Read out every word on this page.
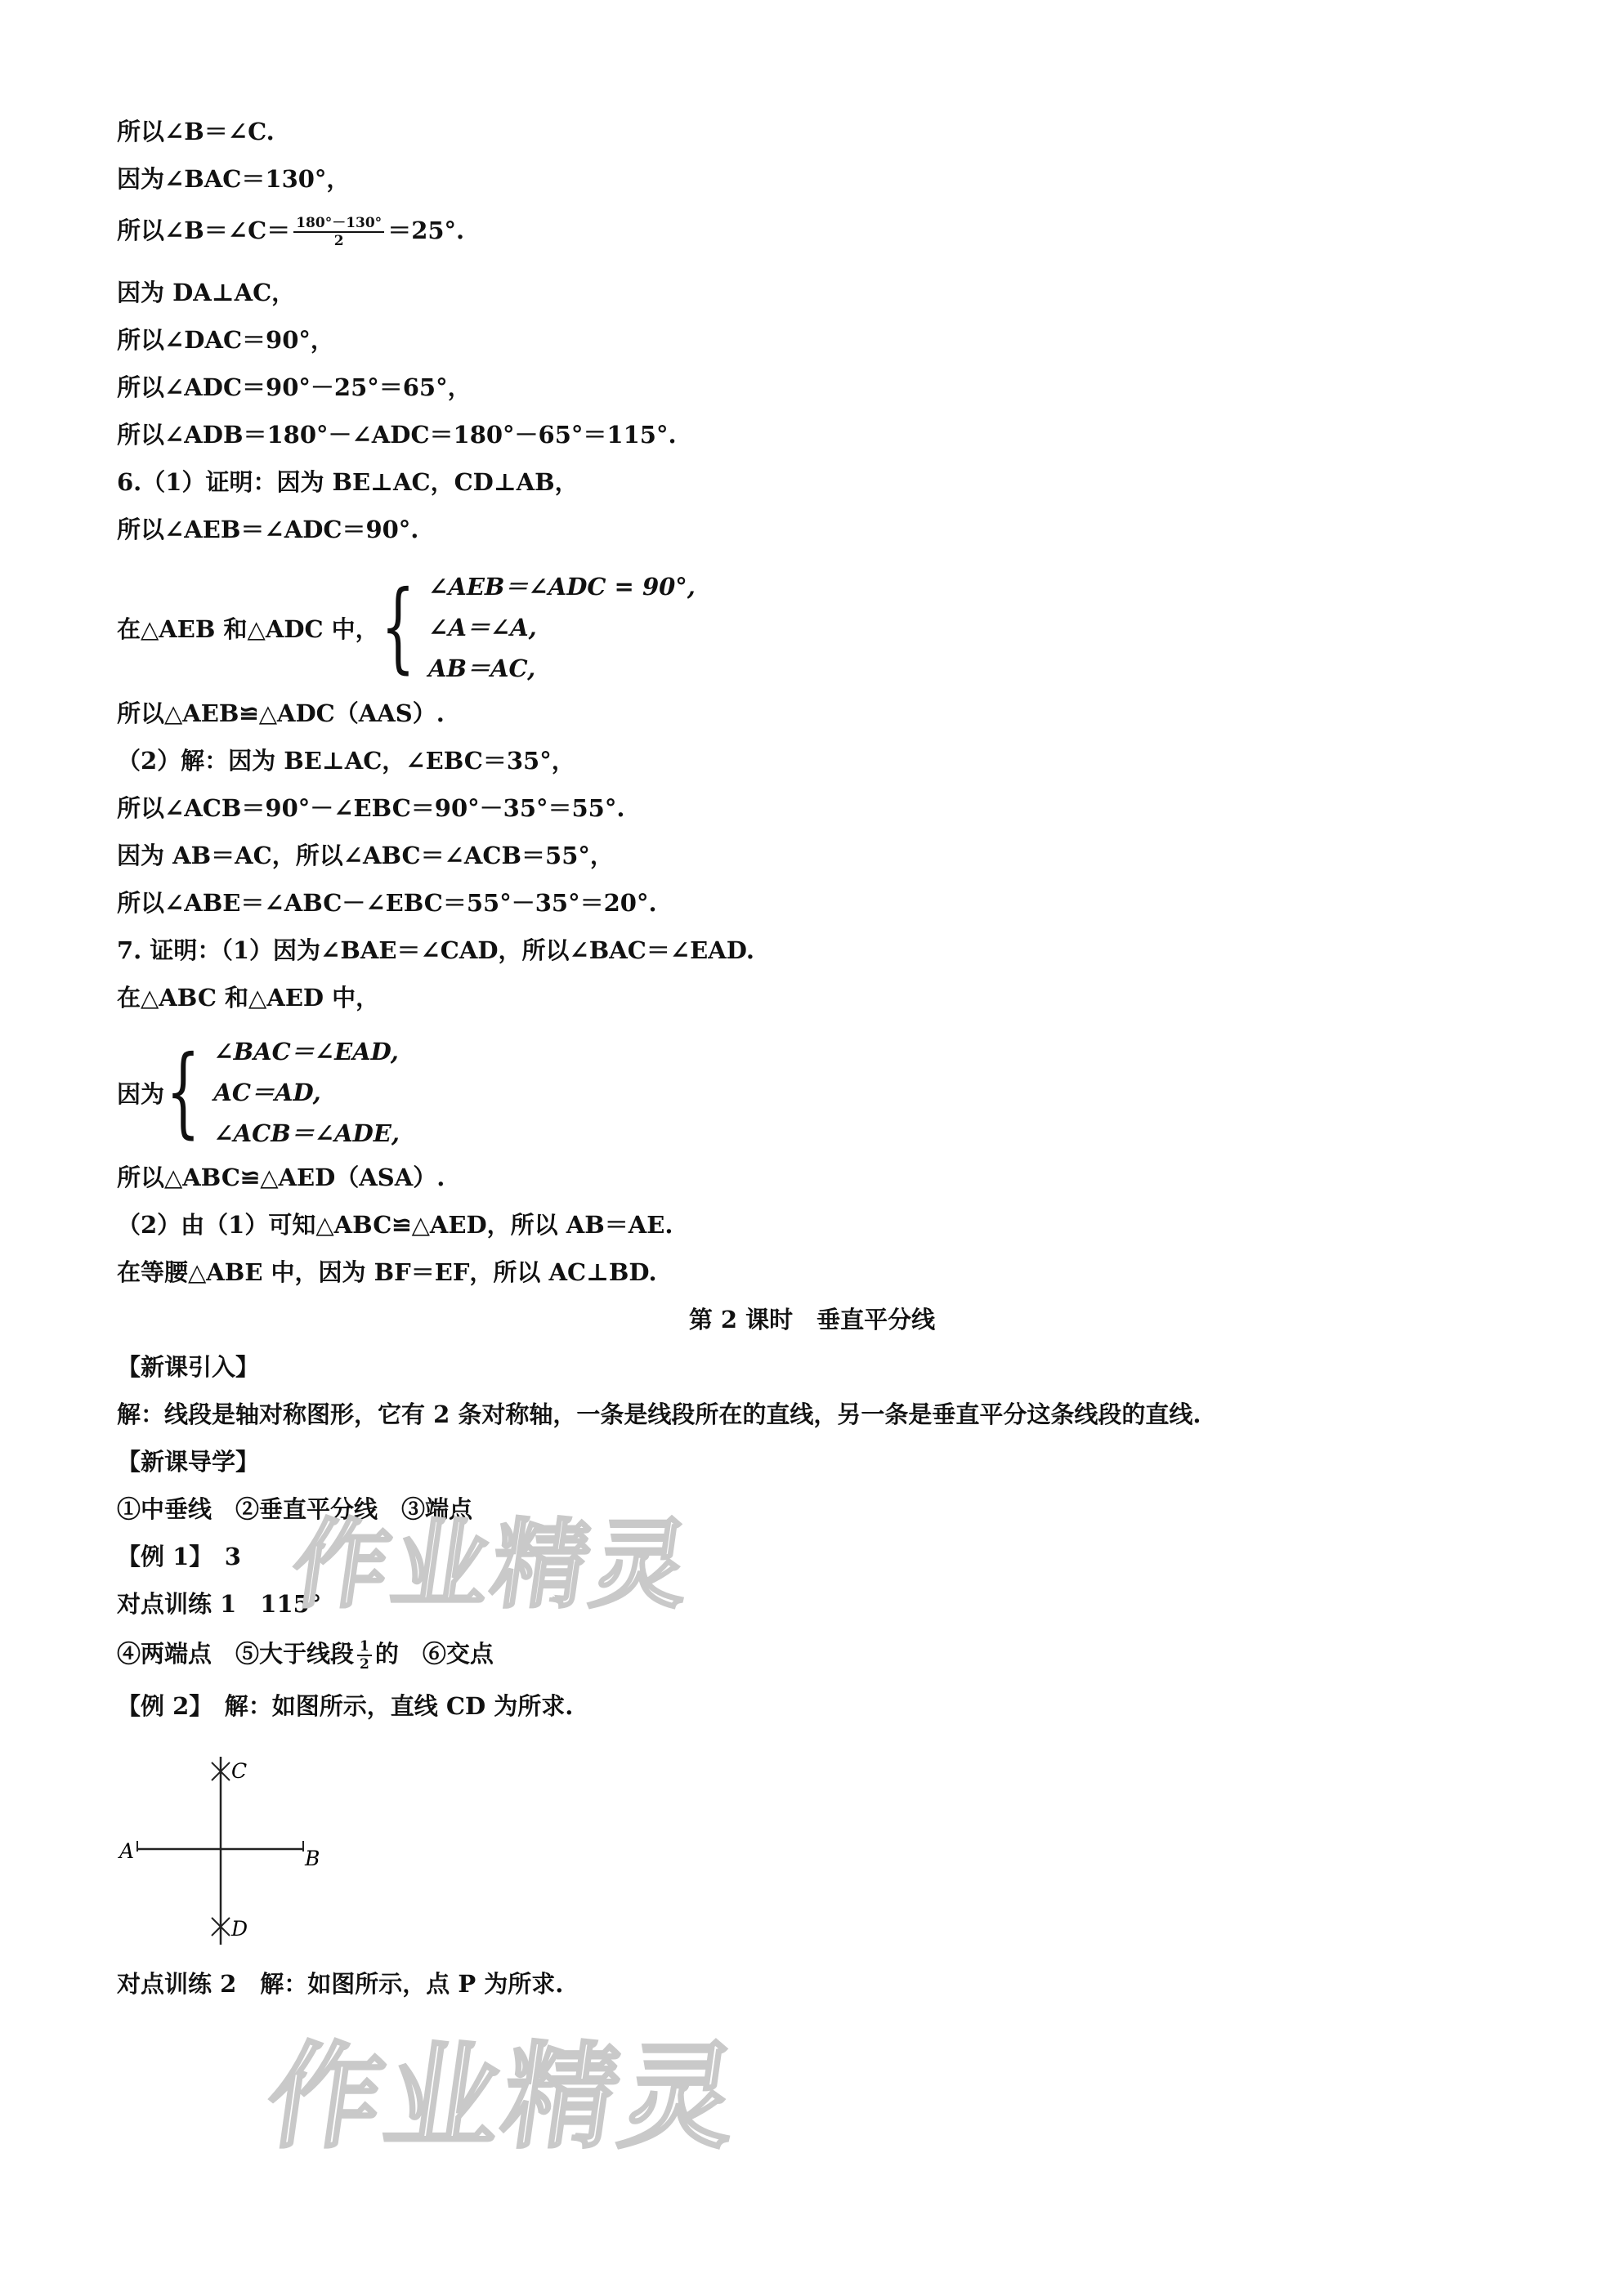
所以∠B＝∠C.
因为∠BAC＝130°，
所以∠B＝∠C＝ $\frac{180^\circ-130^\circ}{2} =25^\circ$.
因为 DA⊥AC，
所以∠DAC＝90°，
所以∠ADC＝90°－25°＝65°，
所以∠ADB＝180°－∠ADC＝180°－65°＝115°.
6.（1）证明：因为 BE⊥AC，CD⊥AB，
所以∠AEB＝∠ADC＝90°.
在△AEB 和△ADC 中， { ∠AEB＝∠ADC = 90°,
∠A＝∠A,
AB＝AC,
所以△AEB≌△ADC（AAS）.
（2）解：因为 BE⊥AC，∠EBC＝35°，
所以∠ACB＝90°－∠EBC＝90°－35°＝55°.
因为 AB＝AC，所以∠ABC＝∠ACB＝55°，
所以∠ABE＝∠ABC－∠EBC＝55°－35°＝20°.
7. 证明：（1）因为∠BAE＝∠CAD，所以∠BAC＝∠EAD.
在△ABC 和△AED 中，
因为 { ∠BAC＝∠EAD,
AC＝AD,
∠ACB＝∠ADE,
所以△ABC≌△AED（ASA）.
（2）由（1）可知△ABC≌△AED，所以 AB＝AE.
在等腰△ABE 中，因为 BF＝EF，所以 AC⊥BD.
第 2 课时　垂直平分线
【新课引入】
解：线段是轴对称图形，它有 2 条对称轴，一条是线段所在的直线，另一条是垂直平分这条线段的直线.
【新课导学】
①中垂线　②垂直平分线　③端点
【例 1】　3
对点训练 1　115°
④两端点　⑤大于线段 $\frac{1}{2}$ 的　⑥交点
【例 2】　解：如图所示，直线 CD 为所求.
A	B
C
D
对点训练 2　解：如图所示，点 P 为所求.
作业精灵
作业精灵
